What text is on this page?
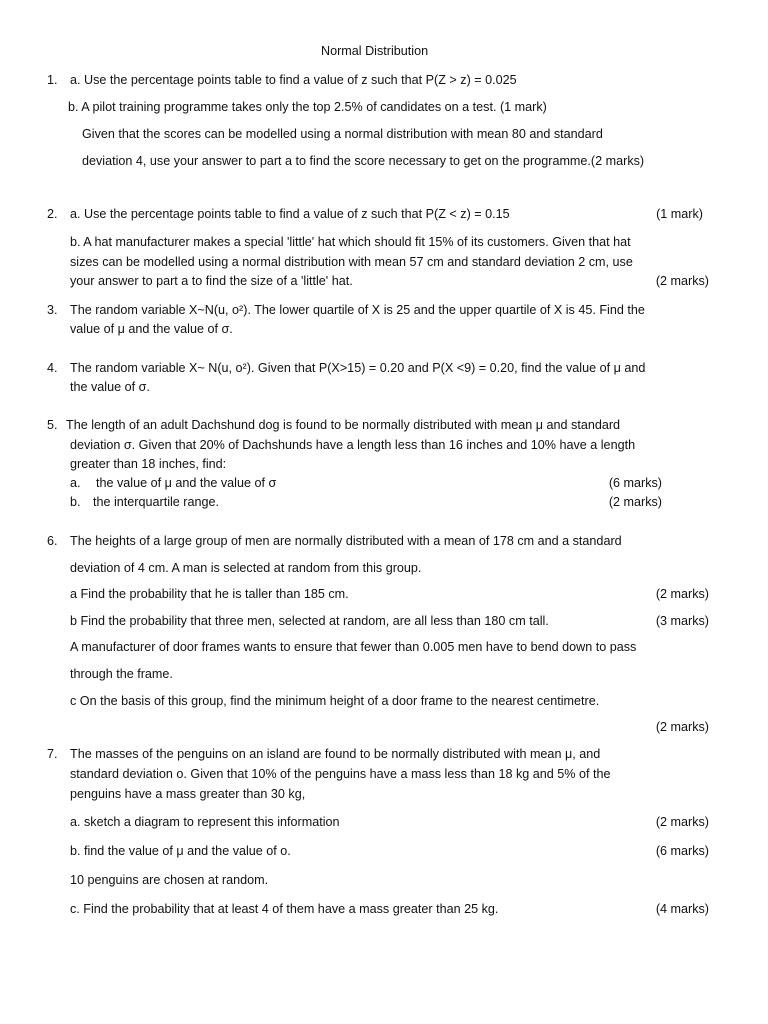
Normal Distribution
1. a. Use the percentage points table to find a value of z such that P(Z > z) = 0.025
b. A pilot training programme takes only the top 2.5% of candidates on a test. (1 mark)
Given that the scores can be modelled using a normal distribution with mean 80 and standard
deviation 4, use your answer to part a to find the score necessary to get on the programme.(2 marks)
2. a. Use the percentage points table to find a value of z such that P(Z < z) = 0.15	(1 mark)
b. A hat manufacturer makes a special 'little' hat which should fit 15% of its customers. Given that hat
sizes can be modelled using a normal distribution with mean 57 cm and standard deviation 2 cm, use
your answer to part a to find the size of a 'little' hat.	(2 marks)
3. The random variable X~N(u, o²). The lower quartile of X is 25 and the upper quartile of X is 45. Find the
value of μ and the value of σ.
4. The random variable X~ N(u, o²). Given that P(X>15) = 0.20 and P(X <9) = 0.20, find the value of μ and
the value of σ.
5. The length of an adult Dachshund dog is found to be normally distributed with mean μ and standard
deviation σ. Given that 20% of Dachshunds have a length less than 16 inches and 10% have a length
greater than 18 inches, find:
a. the value of μ and the value of σ	(6 marks)
b. the interquartile range.	(2 marks)
6. The heights of a large group of men are normally distributed with a mean of 178 cm and a standard
deviation of 4 cm. A man is selected at random from this group.
a Find the probability that he is taller than 185 cm.	(2 marks)
b Find the probability that three men, selected at random, are all less than 180 cm tall.	(3 marks)
A manufacturer of door frames wants to ensure that fewer than 0.005 men have to bend down to pass
through the frame.
c On the basis of this group, find the minimum height of a door frame to the nearest centimetre.
(2 marks)
7. The masses of the penguins on an island are found to be normally distributed with mean μ, and
standard deviation o. Given that 10% of the penguins have a mass less than 18 kg and 5% of the
penguins have a mass greater than 30 kg,
a. sketch a diagram to represent this information	(2 marks)
b. find the value of μ and the value of o.	(6 marks)
10 penguins are chosen at random.
c. Find the probability that at least 4 of them have a mass greater than 25 kg.	(4 marks)
